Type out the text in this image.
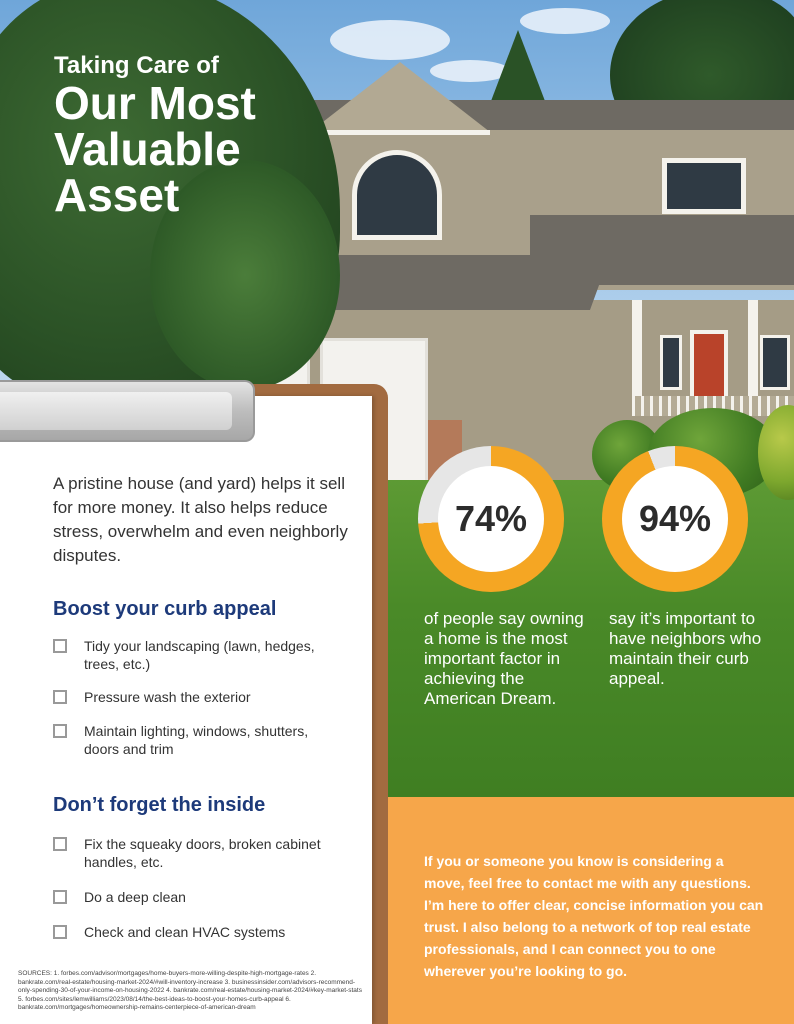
Taking Care of
Our Most Valuable Asset
A pristine house (and yard) helps it sell for more money. It also helps reduce stress, overwhelm and even neighborly disputes.
Boost your curb appeal
Tidy your landscaping (lawn, hedges, trees, etc.)
Pressure wash the exterior
Maintain lighting, windows, shutters, doors and trim
Don’t forget the inside
Fix the squeaky doors, broken cabinet handles, etc.
Do a deep clean
Check and clean HVAC systems
SOURCES: 1. forbes.com/advisor/mortgages/home-buyers-more-willing-despite-high-mortgage-rates 2. bankrate.com/real-estate/housing-market-2024/#will-inventory-increase 3. businessinsider.com/advisors-recommend-only-spending-30-of-your-income-on-housing-2022 4. bankrate.com/real-estate/housing-market-2024/#key-market-stats 5. forbes.com/sites/lemwilliams/2023/08/14/the-best-ideas-to-boost-your-homes-curb-appeal 6. bankrate.com/mortgages/homeownership-remains-centerpiece-of-american-dream
74%	94%
of people say owning a home is the most important factor in achieving the American Dream.
say it’s important to have neighbors who maintain their curb appeal.
If you or someone you know is considering a move, feel free to contact me with any questions. I’m here to offer clear, concise information you can trust. I also belong to a network of top real estate professionals, and I can connect you to one wherever you’re looking to go.
